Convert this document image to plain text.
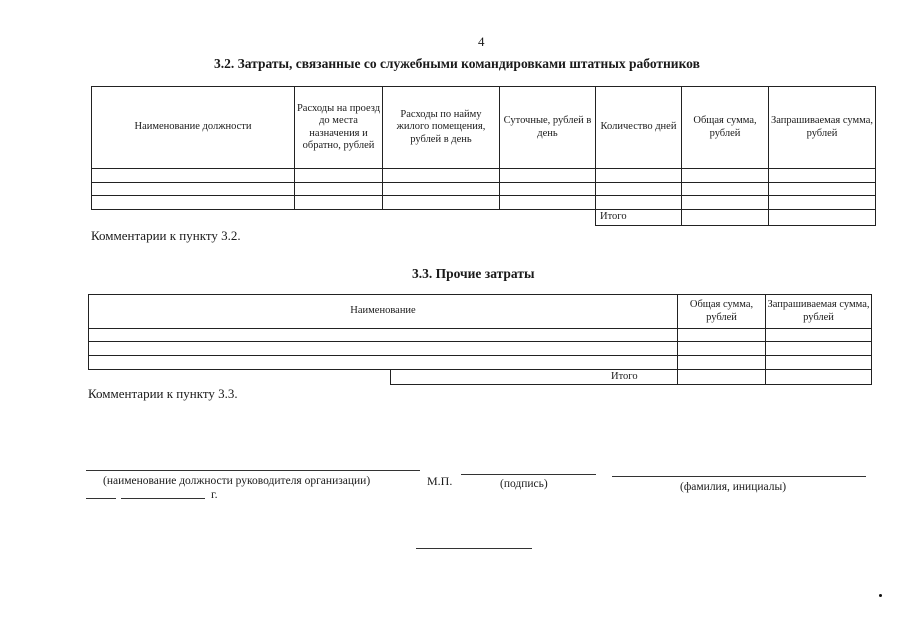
4
3.2. Затраты, связанные со служебными командировками штатных работников
Наименование должности	Расходы на проезд до места назначения и обратно, рублей	Расходы по найму жилого помещения, рублей в день	Суточные, рублей в день	Количество дней	Общая сумма, рублей	Запрашиваемая сумма, рублей

				Итого		
Комментарии к пункту 3.2.
3.3. Прочие затраты
Наименование		Общая сумма, рублей	Запрашиваемая сумма, рублей

	Итого		
Комментарии к пункту 3.3.
(наименование должности руководителя организации)	М.П.	(подпись)	(фамилия, инициалы)
г.
